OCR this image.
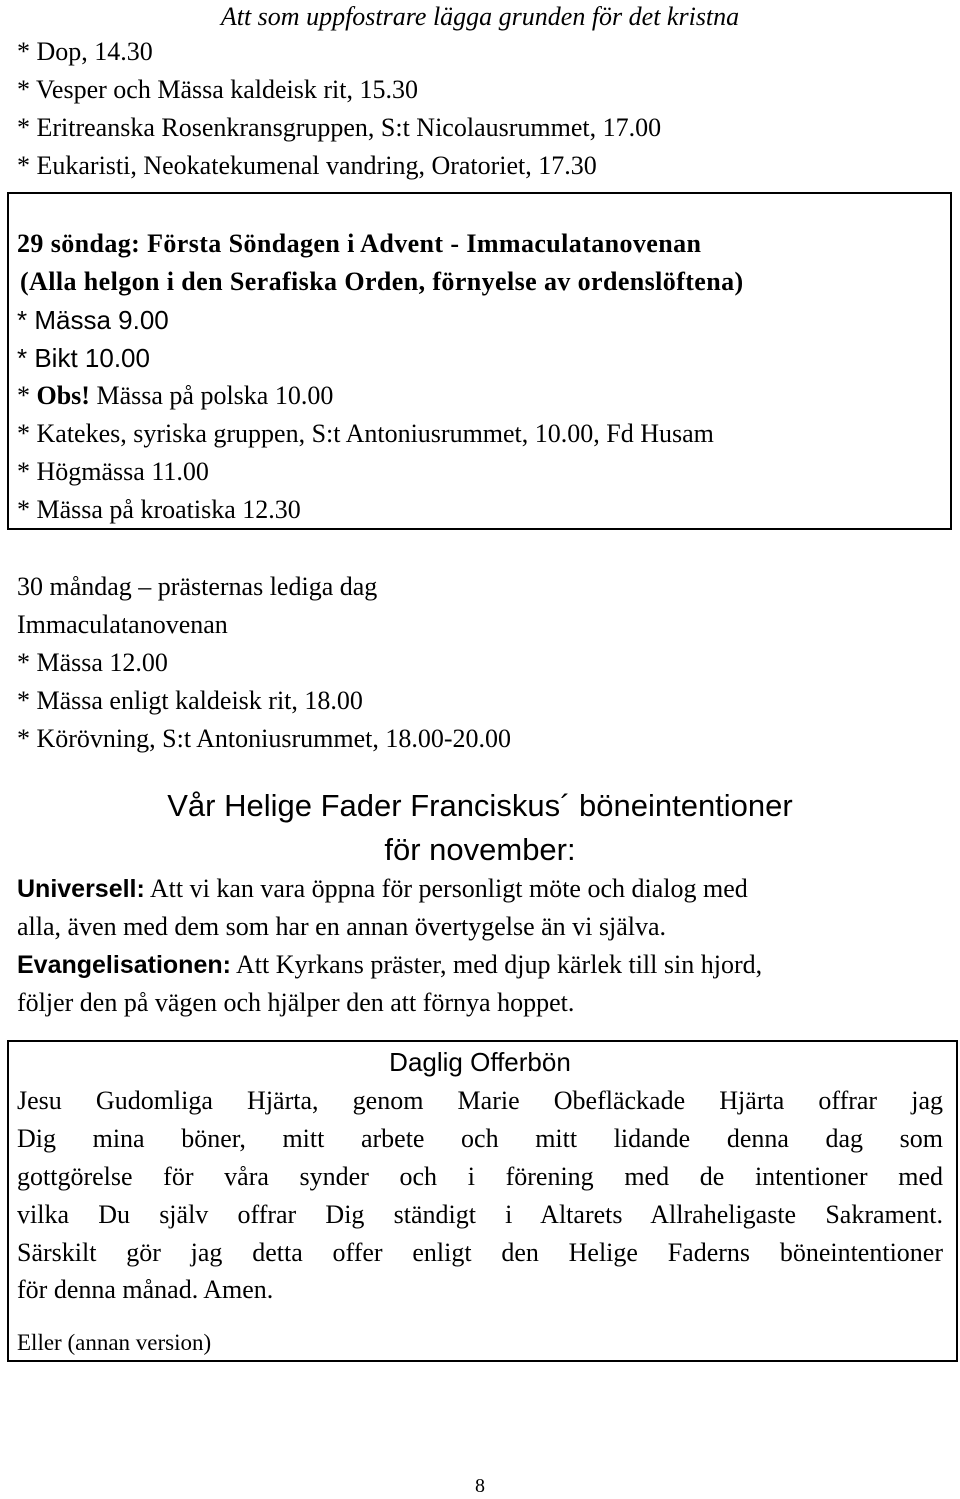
Att som uppfostrare lägga grunden för det kristna
* Dop, 14.30
* Vesper och Mässa kaldeisk rit, 15.30
* Eritreanska Rosenkransgruppen, S:t Nicolausrummet, 17.00
* Eukaristi, Neokatekumenal vandring, Oratoriet, 17.30
29 söndag: Första Söndagen i Advent - Immaculatanovenan
(Alla helgon i den Serafiska Orden, förnyelse av ordenslöftena)
* Mässa 9.00
* Bikt 10.00
* Obs! Mässa på polska 10.00
* Katekes, syriska gruppen, S:t Antoniusrummet, 10.00, Fd Husam
* Högmässa 11.00
* Mässa på kroatiska 12.30
30 måndag – prästernas lediga dag
Immaculatanovenan
* Mässa 12.00
* Mässa enligt kaldeisk rit, 18.00
* Körövning, S:t Antoniusrummet, 18.00-20.00
Vår Helige Fader Franciskus´ böneintentioner
för november:
Universell: Att vi kan vara öppna för personligt möte och dialog med
alla, även med dem som har en annan övertygelse än vi själva.
Evangelisationen: Att Kyrkans präster, med djup kärlek till sin hjord,
följer den på vägen och hjälper den att förnya hoppet.
Daglig Offerbön
Jesu Gudomliga Hjärta, genom Marie Obefläckade Hjärta offrar jag
Dig mina böner, mitt arbete och mitt lidande denna dag som
gottgörelse för våra synder och i förening med de intentioner med
vilka Du själv offrar Dig ständigt i Altarets Allraheligaste Sakrament.
Särskilt gör jag detta offer enligt den Helige Faderns böneintentioner
för denna månad. Amen.
Eller (annan version)
8
